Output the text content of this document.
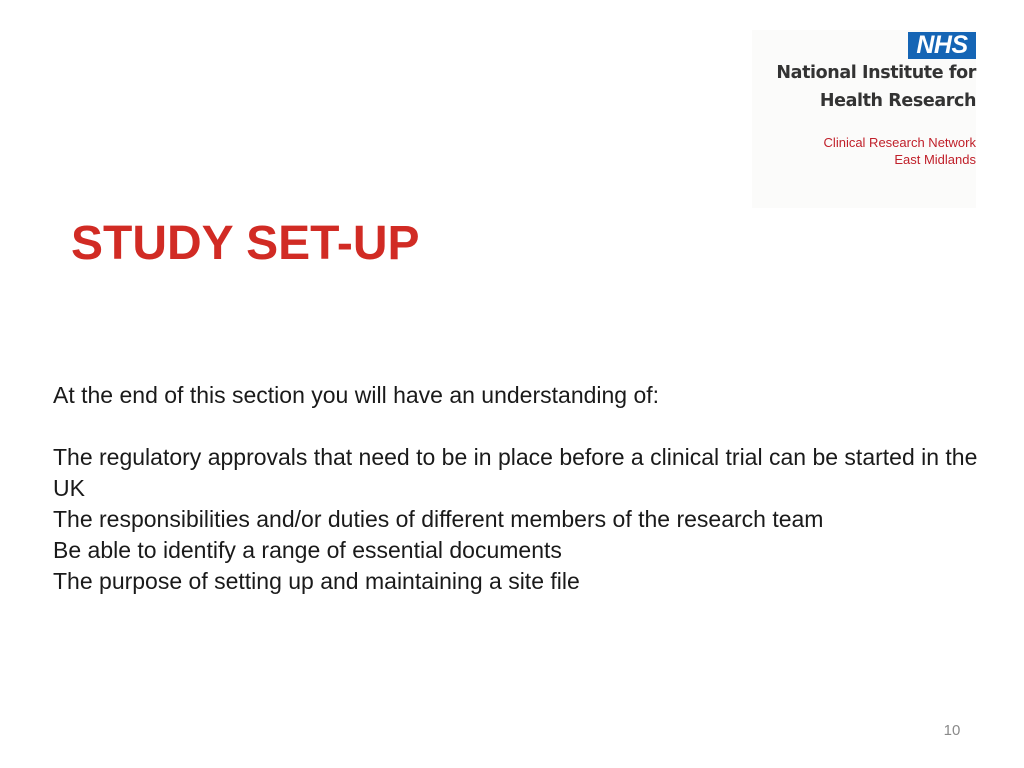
NHS
National Institute for
Health Research
Clinical Research Network
East Midlands
STUDY SET-UP

At the end of this section you will have an understanding of:

The regulatory approvals that need to be in place before a clinical trial can be started in the UK

The responsibilities and/or duties of different members of the research team

Be able to identify a range of essential documents

The purpose of setting up and maintaining a site file

10
